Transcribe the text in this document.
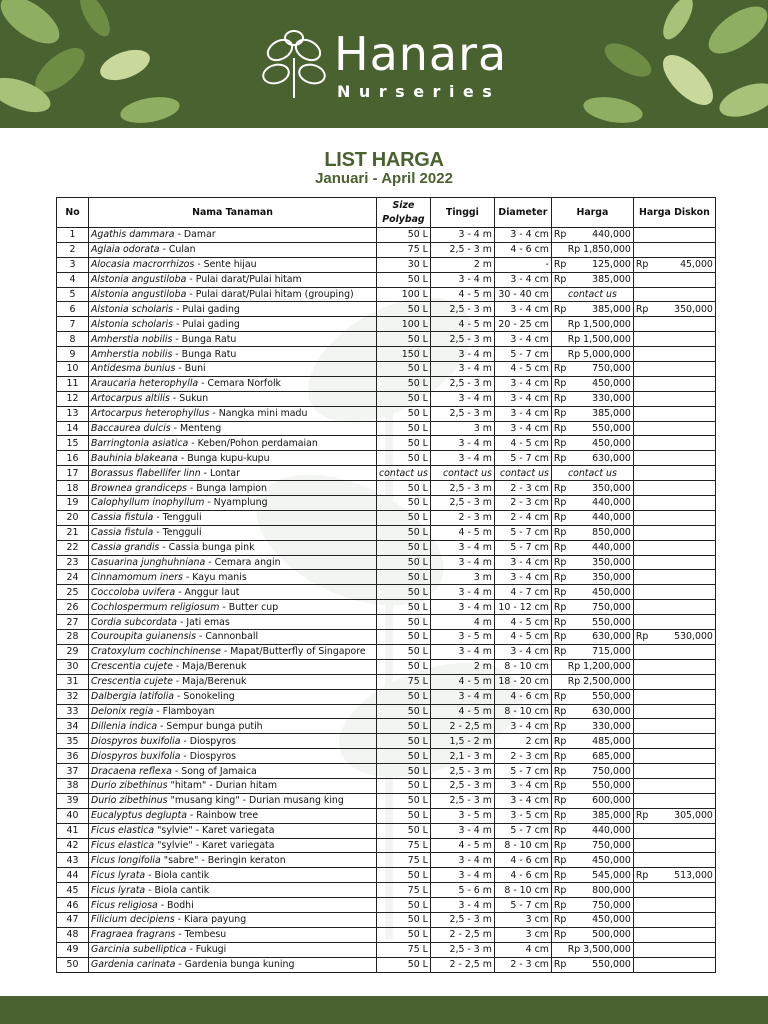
Hanara
Nurseries
LIST HARGA
Januari - April 2022
No	Nama Tanaman	Size Polybag	Tinggi	Diameter	Harga	Harga Diskon
1	Agathis dammara - Damar	50 L	3 - 4 m	3 - 4 cm	Rp 440,000	

2	Aglaia odorata - Culan	75 L	2,5 - 3 m	4 - 6 cm	Rp 1,850,000	
3	Alocasia macrorrhizos - Sente hijau	30 L	2 m	-	Rp 125,000	Rp 45,000

4	Alstonia angustiloba - Pulai darat/Pulai hitam	50 L	3 - 4 m	3 - 4 cm	Rp 385,000	

5	Alstonia angustiloba - Pulai darat/Pulai hitam (grouping)	100 L	4 - 5 m	30 - 40 cm	contact us	
6	Alstonia scholaris - Pulai gading	50 L	2,5 - 3 m	3 - 4 cm	Rp 385,000	Rp 350,000

7	Alstonia scholaris - Pulai gading	100 L	4 - 5 m	20 - 25 cm	Rp 1,500,000	
8	Amherstia nobilis - Bunga Ratu	50 L	2,5 - 3 m	3 - 4 cm	Rp 1,500,000	
9	Amherstia nobilis - Bunga Ratu	150 L	3 - 4 m	5 - 7 cm	Rp 5,000,000	
10	Antidesma bunius - Buni	50 L	3 - 4 m	4 - 5 cm	Rp 750,000	

11	Araucaria heterophylla - Cemara Norfolk	50 L	2,5 - 3 m	3 - 4 cm	Rp 450,000	

12	Artocarpus altilis - Sukun	50 L	3 - 4 m	3 - 4 cm	Rp 330,000	

13	Artocarpus heterophyllus - Nangka mini madu	50 L	2,5 - 3 m	3 - 4 cm	Rp 385,000	

14	Baccaurea dulcis - Menteng	50 L	3 m	3 - 4 cm	Rp 550,000	

15	Barringtonia asiatica - Keben/Pohon perdamaian	50 L	3 - 4 m	4 - 5 cm	Rp 450,000	

16	Bauhinia blakeana - Bunga kupu-kupu	50 L	3 - 4 m	5 - 7 cm	Rp 630,000	

17	Borassus flabellifer linn - Lontar	contact us	contact us	contact us	contact us	
18	Brownea grandiceps - Bunga lampion	50 L	2,5 - 3 m	2 - 3 cm	Rp 350,000	

19	Calophyllum inophyllum - Nyamplung	50 L	2,5 - 3 m	2 - 3 cm	Rp 440,000	

20	Cassia fistula - Tengguli	50 L	2 - 3 m	2 - 4 cm	Rp 440,000	

21	Cassia fistula - Tengguli	50 L	4 - 5 m	5 - 7 cm	Rp 850,000	

22	Cassia grandis - Cassia bunga pink	50 L	3 - 4 m	5 - 7 cm	Rp 440,000	

23	Casuarina junghuhniana - Cemara angin	50 L	3 - 4 m	3 - 4 cm	Rp 350,000	

24	Cinnamomum iners - Kayu manis	50 L	3 m	3 - 4 cm	Rp 350,000	

25	Coccoloba uvifera - Anggur laut	50 L	3 - 4 m	4 - 7 cm	Rp 450,000	

26	Cochlospermum religiosum - Butter cup	50 L	3 - 4 m	10 - 12 cm	Rp 750,000	

27	Cordia subcordata - Jati emas	50 L	4 m	4 - 5 cm	Rp 550,000	

28	Couroupita guianensis - Cannonball	50 L	3 - 5 m	4 - 5 cm	Rp 630,000	Rp 530,000

29	Cratoxylum cochinchinense - Mapat/Butterfly of Singapore	50 L	3 - 4 m	3 - 4 cm	Rp 715,000	

30	Crescentia cujete - Maja/Berenuk	50 L	2 m	8 - 10 cm	Rp 1,200,000	
31	Crescentia cujete - Maja/Berenuk	75 L	4 - 5 m	18 - 20 cm	Rp 2,500,000	
32	Dalbergia latifolia - Sonokeling	50 L	3 - 4 m	4 - 6 cm	Rp 550,000	

33	Delonix regia - Flamboyan	50 L	4 - 5 m	8 - 10 cm	Rp 630,000	

34	Dillenia indica - Sempur bunga putih	50 L	2 - 2,5 m	3 - 4 cm	Rp 330,000	

35	Diospyros buxifolia - Diospyros	50 L	1,5 - 2 m	2 cm	Rp 485,000	

36	Diospyros buxifolia - Diospyros	50 L	2,1 - 3 m	2 - 3 cm	Rp 685,000	

37	Dracaena reflexa - Song of Jamaica	50 L	2,5 - 3 m	5 - 7 cm	Rp 750,000	

38	Durio zibethinus "hitam" - Durian hitam	50 L	2,5 - 3 m	3 - 4 cm	Rp 550,000	

39	Durio zibethinus "musang king" - Durian musang king	50 L	2,5 - 3 m	3 - 4 cm	Rp 600,000	

40	Eucalyptus deglupta - Rainbow tree	50 L	3 - 5 m	3 - 5 cm	Rp 385,000	Rp 305,000

41	Ficus elastica "sylvie" - Karet variegata	50 L	3 - 4 m	5 - 7 cm	Rp 440,000	

42	Ficus elastica "sylvie" - Karet variegata	75 L	4 - 5 m	8 - 10 cm	Rp 750,000	

43	Ficus longifolia "sabre" - Beringin keraton	75 L	3 - 4 m	4 - 6 cm	Rp 450,000	

44	Ficus lyrata - Biola cantik	50 L	3 - 4 m	4 - 6 cm	Rp 545,000	Rp 513,000

45	Ficus lyrata - Biola cantik	75 L	5 - 6 m	8 - 10 cm	Rp 800,000	

46	Ficus religiosa - Bodhi	50 L	3 - 4 m	5 - 7 cm	Rp 750,000	

47	Filicium decipiens - Kiara payung	50 L	2,5 - 3 m	3 cm	Rp 450,000	

48	Fragraea fragrans - Tembesu	50 L	2 - 2,5 m	3 cm	Rp 500,000	

49	Garcinia subelliptica - Fukugi	75 L	2,5 - 3 m	4 cm	Rp 3,500,000	
50	Gardenia carinata - Gardenia bunga kuning	50 L	2 - 2,5 m	2 - 3 cm	Rp 550,000	
